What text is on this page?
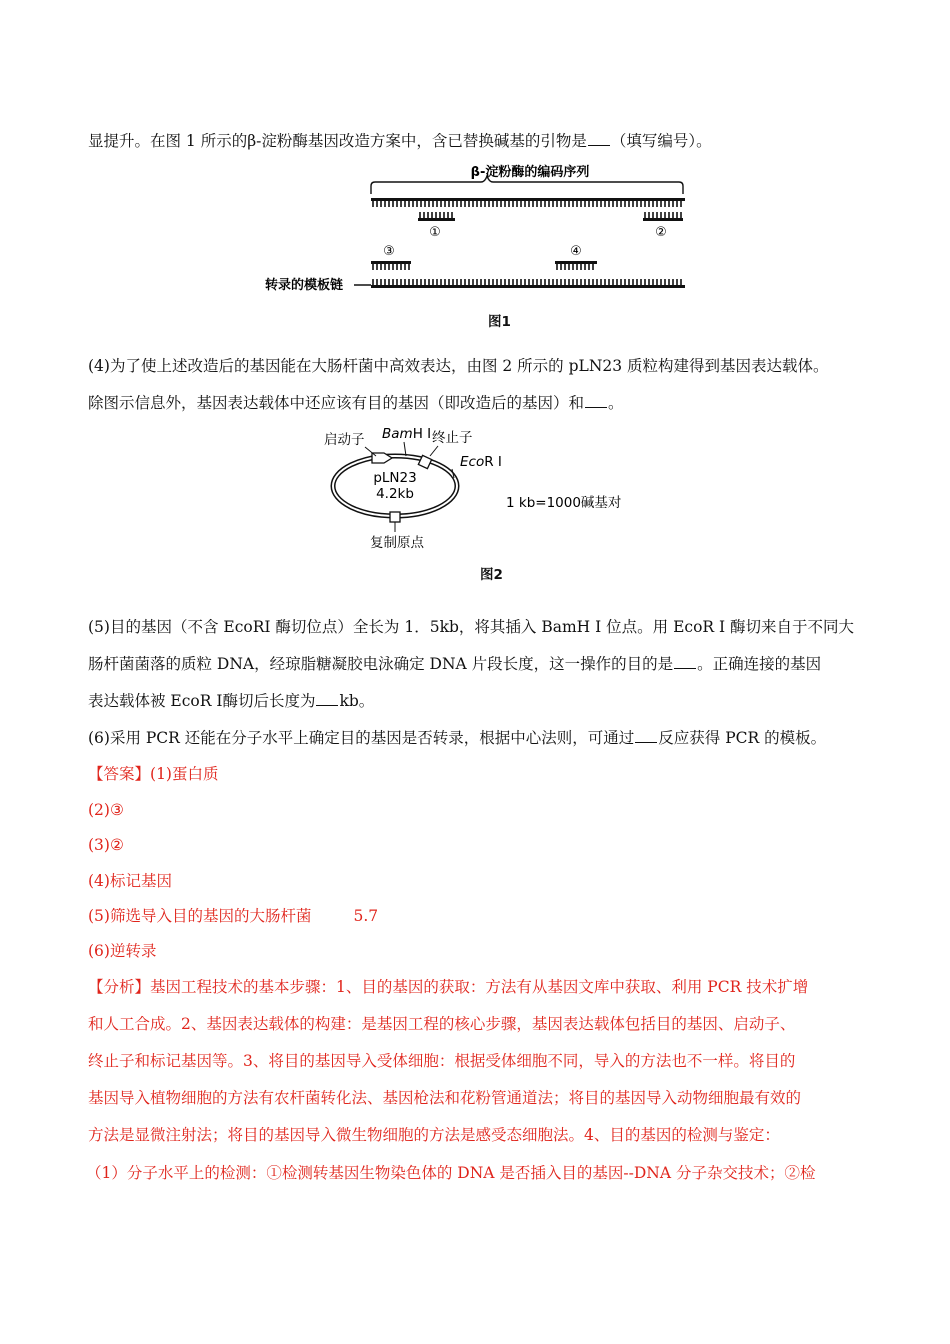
显提升。在图 1 所示的β-淀粉酶基因改造方案中，含已替换碱基的引物是 （填写编号）。
β-淀粉酶的编码序列
①	②
③	④
转录的模板链
图1
(4)为了使上述改造后的基因能在大肠杆菌中高效表达，由图 2 所示的 pLN23 质粒构建得到基因表达载体。
除图示信息外，基因表达载体中还应该有目的基因（即改造后的基因）和 。
启动子 BamH Ⅰ 终止子
EcoR Ⅰ
pLN23
4.2kb
复制原点
1 kb=1000碱基对
图2
(5)目的基因（不含 EcoRI 酶切位点）全长为 1．5kb，将其插入 BamH I 位点。用 EcoR I 酶切来自于不同大
肠杆菌菌落的质粒 DNA，经琼脂糖凝胶电泳确定 DNA 片段长度，这一操作的目的是 。正确连接的基因
表达载体被 EcoR Ⅰ酶切后长度为 kb。
(6)采用 PCR 还能在分子水平上确定目的基因是否转录，根据中心法则，可通过 反应获得 PCR 的模板。
【答案】(1)蛋白质
(2)③
(3)②
(4)标记基因
(5)筛选导入目的基因的大肠杆菌	5.7
(6)逆转录
【分析】基因工程技术的基本步骤：1、目的基因的获取：方法有从基因文库中获取、利用 PCR 技术扩增
和人工合成。2、基因表达载体的构建：是基因工程的核心步骤，基因表达载体包括目的基因、启动子、
终止子和标记基因等。3、将目的基因导入受体细胞：根据受体细胞不同，导入的方法也不一样。将目的
基因导入植物细胞的方法有农杆菌转化法、基因枪法和花粉管通道法；将目的基因导入动物细胞最有效的
方法是显微注射法；将目的基因导入微生物细胞的方法是感受态细胞法。4、目的基因的检测与鉴定：
（1）分子水平上的检测：①检测转基因生物染色体的 DNA 是否插入目的基因--DNA 分子杂交技术；②检
